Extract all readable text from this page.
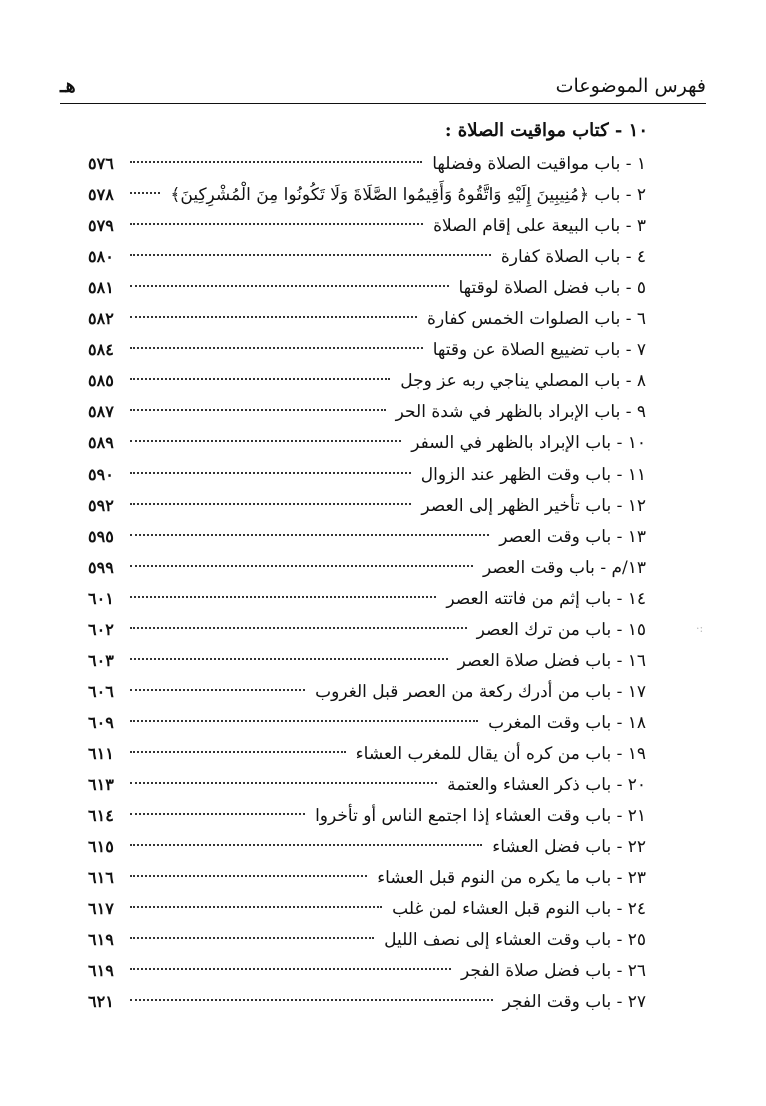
فهرس الموضوعات
هـ
١٠ - كتاب مواقيت الصلاة :
١ - باب مواقيت الصلاة وفضلها
٥٧٦
٢ - باب ﴿مُنِيبِينَ إِلَيْهِ وَاتَّقُوهُ وَأَقِيمُوا الصَّلَاةَ وَلَا تَكُونُوا مِنَ الْمُشْرِكِينَ﴾
٥٧٨
٣ - باب البيعة على إقام الصلاة
٥٧٩
٤ - باب الصلاة كفارة
٥٨٠
٥ - باب فضل الصلاة لوقتها
٥٨١
٦ - باب الصلوات الخمس كفارة
٥٨٢
٧ - باب تضييع الصلاة عن وقتها
٥٨٤
٨ - باب المصلي يناجي ربه عز وجل
٥٨٥
٩ - باب الإبراد بالظهر في شدة الحر
٥٨٧
١٠ - باب الإبراد بالظهر في السفر
٥٨٩
١١ - باب وقت الظهر عند الزوال
٥٩٠
١٢ - باب تأخير الظهر إلى العصر
٥٩٢
١٣ - باب وقت العصر
٥٩٥
١٣/م - باب وقت العصر
٥٩٩
١٤ - باب إثم من فاتته العصر
٦٠١
١٥ - باب من ترك العصر
٦٠٢
١٦ - باب فضل صلاة العصر
٦٠٣
١٧ - باب من أدرك ركعة من العصر قبل الغروب
٦٠٦
١٨ - باب وقت المغرب
٦٠٩
١٩ - باب من كره أن يقال للمغرب العشاء
٦١١
٢٠ - باب ذكر العشاء والعتمة
٦١٣
٢١ - باب وقت العشاء إذا اجتمع الناس أو تأخروا
٦١٤
٢٢ - باب فضل العشاء
٦١٥
٢٣ - باب ما يكره من النوم قبل العشاء
٦١٦
٢٤ - باب النوم قبل العشاء لمن غلب
٦١٧
٢٥ - باب وقت العشاء إلى نصف الليل
٦١٩
٢٦ - باب فضل صلاة الفجر
٦١٩
٢٧ - باب وقت الفجر
٦٢١
·:
